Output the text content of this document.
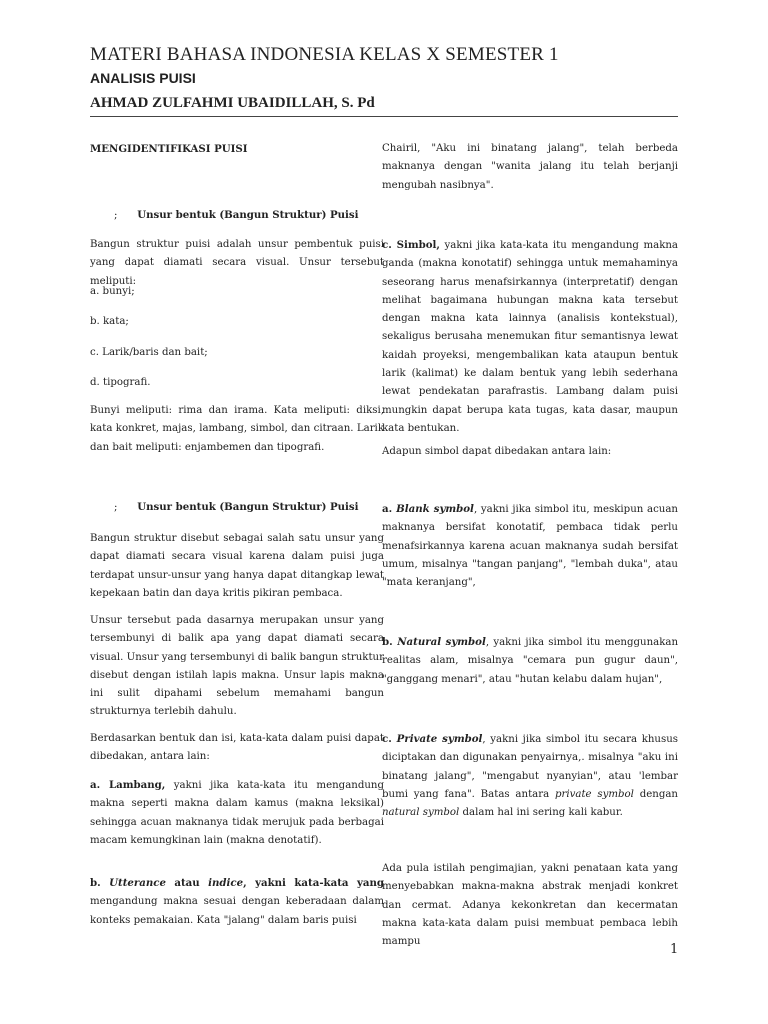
MATERI BAHASA INDONESIA KELAS X SEMESTER 1
ANALISIS PUISI
AHMAD ZULFAHMI UBAIDILLAH, S. Pd
MENGIDENTIFIKASI PUISI
; Unsur bentuk (Bangun Struktur) Puisi
Bangun struktur puisi adalah unsur pembentuk puisi yang dapat diamati secara visual. Unsur tersebut meliputi:
a. bunyi;
b. kata;
c. Larik/baris dan bait;
d. tipografi.
Bunyi meliputi: rima dan irama. Kata meliputi: diksi, kata konkret, majas, lambang, simbol, dan citraan. Larik dan bait meliputi: enjambemen dan tipografi.
; Unsur bentuk (Bangun Struktur) Puisi
Bangun struktur disebut sebagai salah satu unsur yang dapat diamati secara visual karena dalam puisi juga terdapat unsur-unsur yang hanya dapat ditangkap lewat kepekaan batin dan daya kritis pikiran pembaca.
Unsur tersebut pada dasarnya merupakan unsur yang tersembunyi di balik apa yang dapat diamati secara visual. Unsur yang tersembunyi di balik bangun struktur disebut dengan istilah lapis makna. Unsur lapis makna ini sulit dipahami sebelum memahami bangun strukturnya terlebih dahulu.
Berdasarkan bentuk dan isi, kata-kata dalam puisi dapat dibedakan, antara lain:
a. Lambang, yakni jika kata-kata itu mengandung makna seperti makna dalam kamus (makna leksikal) sehingga acuan maknanya tidak merujuk pada berbagai macam kemungkinan lain (makna denotatif).
b. Utterance atau indice, yakni kata-kata yang mengandung makna sesuai dengan keberadaan dalam konteks pemakaian. Kata "jalang" dalam baris puisi
Chairil, "Aku ini binatang jalang", telah berbeda maknanya dengan "wanita jalang itu telah berjanji mengubah nasibnya".
c. Simbol, yakni jika kata-kata itu mengandung makna ganda (makna konotatif) sehingga untuk memahaminya seseorang harus menafsirkannya (interpretatif) dengan melihat bagaimana hubungan makna kata tersebut dengan makna kata lainnya (analisis kontekstual), sekaligus berusaha menemukan fitur semantisnya lewat kaidah proyeksi, mengembalikan kata ataupun bentuk larik (kalimat) ke dalam bentuk yang lebih sederhana lewat pendekatan parafrastis. Lambang dalam puisi mungkin dapat berupa kata tugas, kata dasar, maupun kata bentukan.
Adapun simbol dapat dibedakan antara lain:
a. Blank symbol, yakni jika simbol itu, meskipun acuan maknanya bersifat konotatif, pembaca tidak perlu menafsirkannya karena acuan maknanya sudah bersifat umum, misalnya "tangan panjang", "lembah duka", atau "mata keranjang",
b. Natural symbol, yakni jika simbol itu menggunakan realitas alam, misalnya "cemara pun gugur daun", "ganggang menari", atau "hutan kelabu dalam hujan",
c. Private symbol, yakni jika simbol itu secara khusus diciptakan dan digunakan penyairnya,. misalnya "aku ini binatang jalang", "mengabut nyanyian", atau 'lembar bumi yang fana". Batas antara private symbol dengan natural symbol dalam hal ini sering kali kabur.
Ada pula istilah pengimajian, yakni penataan kata yang menyebabkan makna-makna abstrak menjadi konkret dan cermat. Adanya kekonkretan dan kecermatan makna kata-kata dalam puisi membuat pembaca lebih mampu
1
